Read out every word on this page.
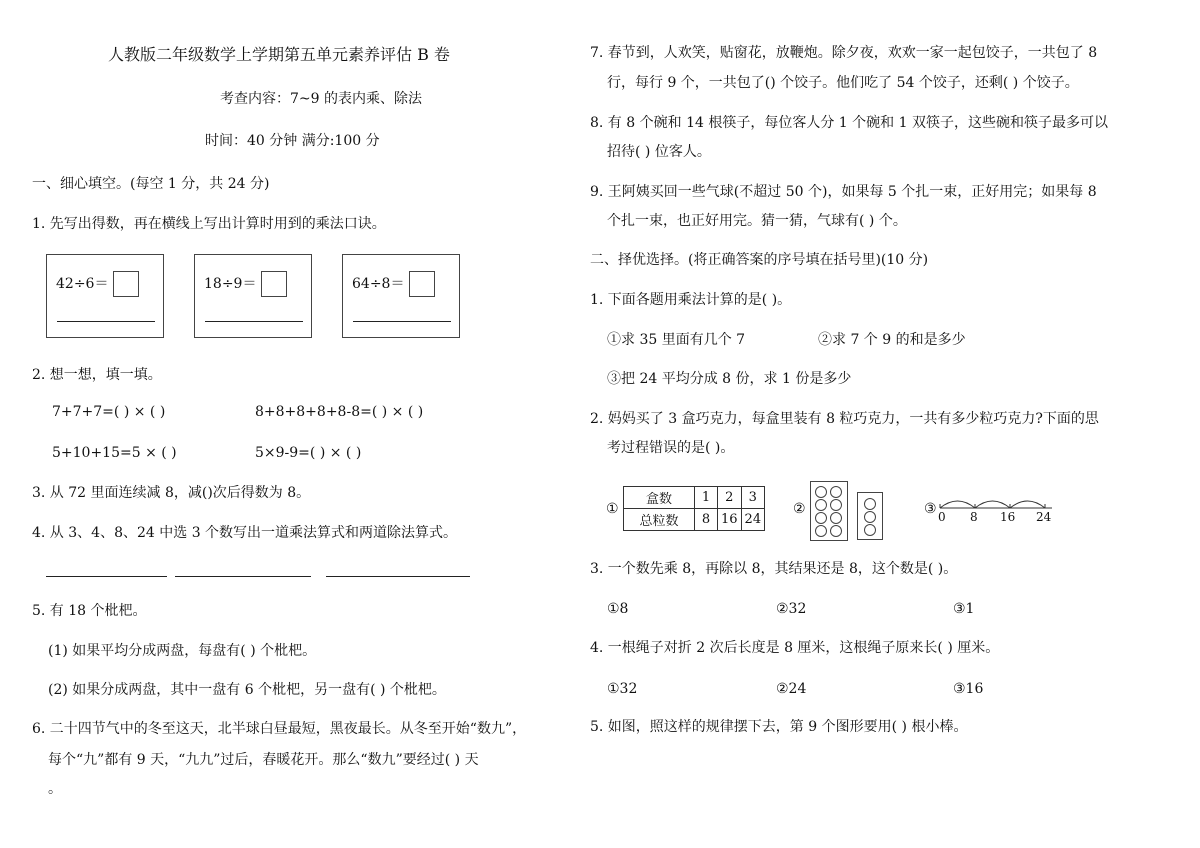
人教版二年级数学上学期第五单元素养评估 B 卷
考查内容：7~9 的表内乘、除法
时间：40 分钟 满分:100 分
一、细心填空。(每空 1 分，共 24 分)
1. 先写出得数，再在横线上写出计算时用到的乘法口诀。
42÷6＝	18÷9＝	64÷8＝
2. 想一想，填一填。
7+7+7=( ) × ( )	8+8+8+8+8-8=( ) × ( )
5+10+15=5 × ( )	5×9-9=( ) × ( )
3. 从 72 里面连续减 8，减()次后得数为 8。
4. 从 3、4、8、24 中选 3 个数写出一道乘法算式和两道除法算式。
5. 有 18 个枇杷。
(1) 如果平均分成两盘，每盘有( ) 个枇杷。
(2) 如果分成两盘，其中一盘有 6 个枇杷，另一盘有( ) 个枇杷。
6. 二十四节气中的冬至这天，北半球白昼最短，黑夜最长。从冬至开始“数九”，
每个“九”都有 9 天，“九九”过后，春暖花开。那么“数九”要经过( ) 天
。
7. 春节到，人欢笑，贴窗花，放鞭炮。除夕夜，欢欢一家一起包饺子，一共包了 8
行，每行 9 个，一共包了() 个饺子。他们吃了 54 个饺子，还剩( ) 个饺子。
8. 有 8 个碗和 14 根筷子，每位客人分 1 个碗和 1 双筷子，这些碗和筷子最多可以
招待( ) 位客人。
9. 王阿姨买回一些气球(不超过 50 个)，如果每 5 个扎一束，正好用完；如果每 8
个扎一束，也正好用完。猜一猜，气球有( ) 个。
二、择优选择。(将正确答案的序号填在括号里)(10 分)
1. 下面各题用乘法计算的是( )。
①求 35 里面有几个 7	②求 7 个 9 的和是多少
③把 24 平均分成 8 份，求 1 份是多少
2. 妈妈买了 3 盒巧克力，每盒里装有 8 粒巧克力，一共有多少粒巧克力?下面的思
考过程错误的是( )。
①
盒数	1	2	3
总粒数	8	16	24
②	③ 0 8 16 24
3. 一个数先乘 8，再除以 8，其结果还是 8，这个数是( )。
①8	②32	③1
4. 一根绳子对折 2 次后长度是 8 厘米，这根绳子原来长( ) 厘米。
①32	②24	③16
5. 如图，照这样的规律摆下去，第 9 个图形要用( ) 根小棒。
